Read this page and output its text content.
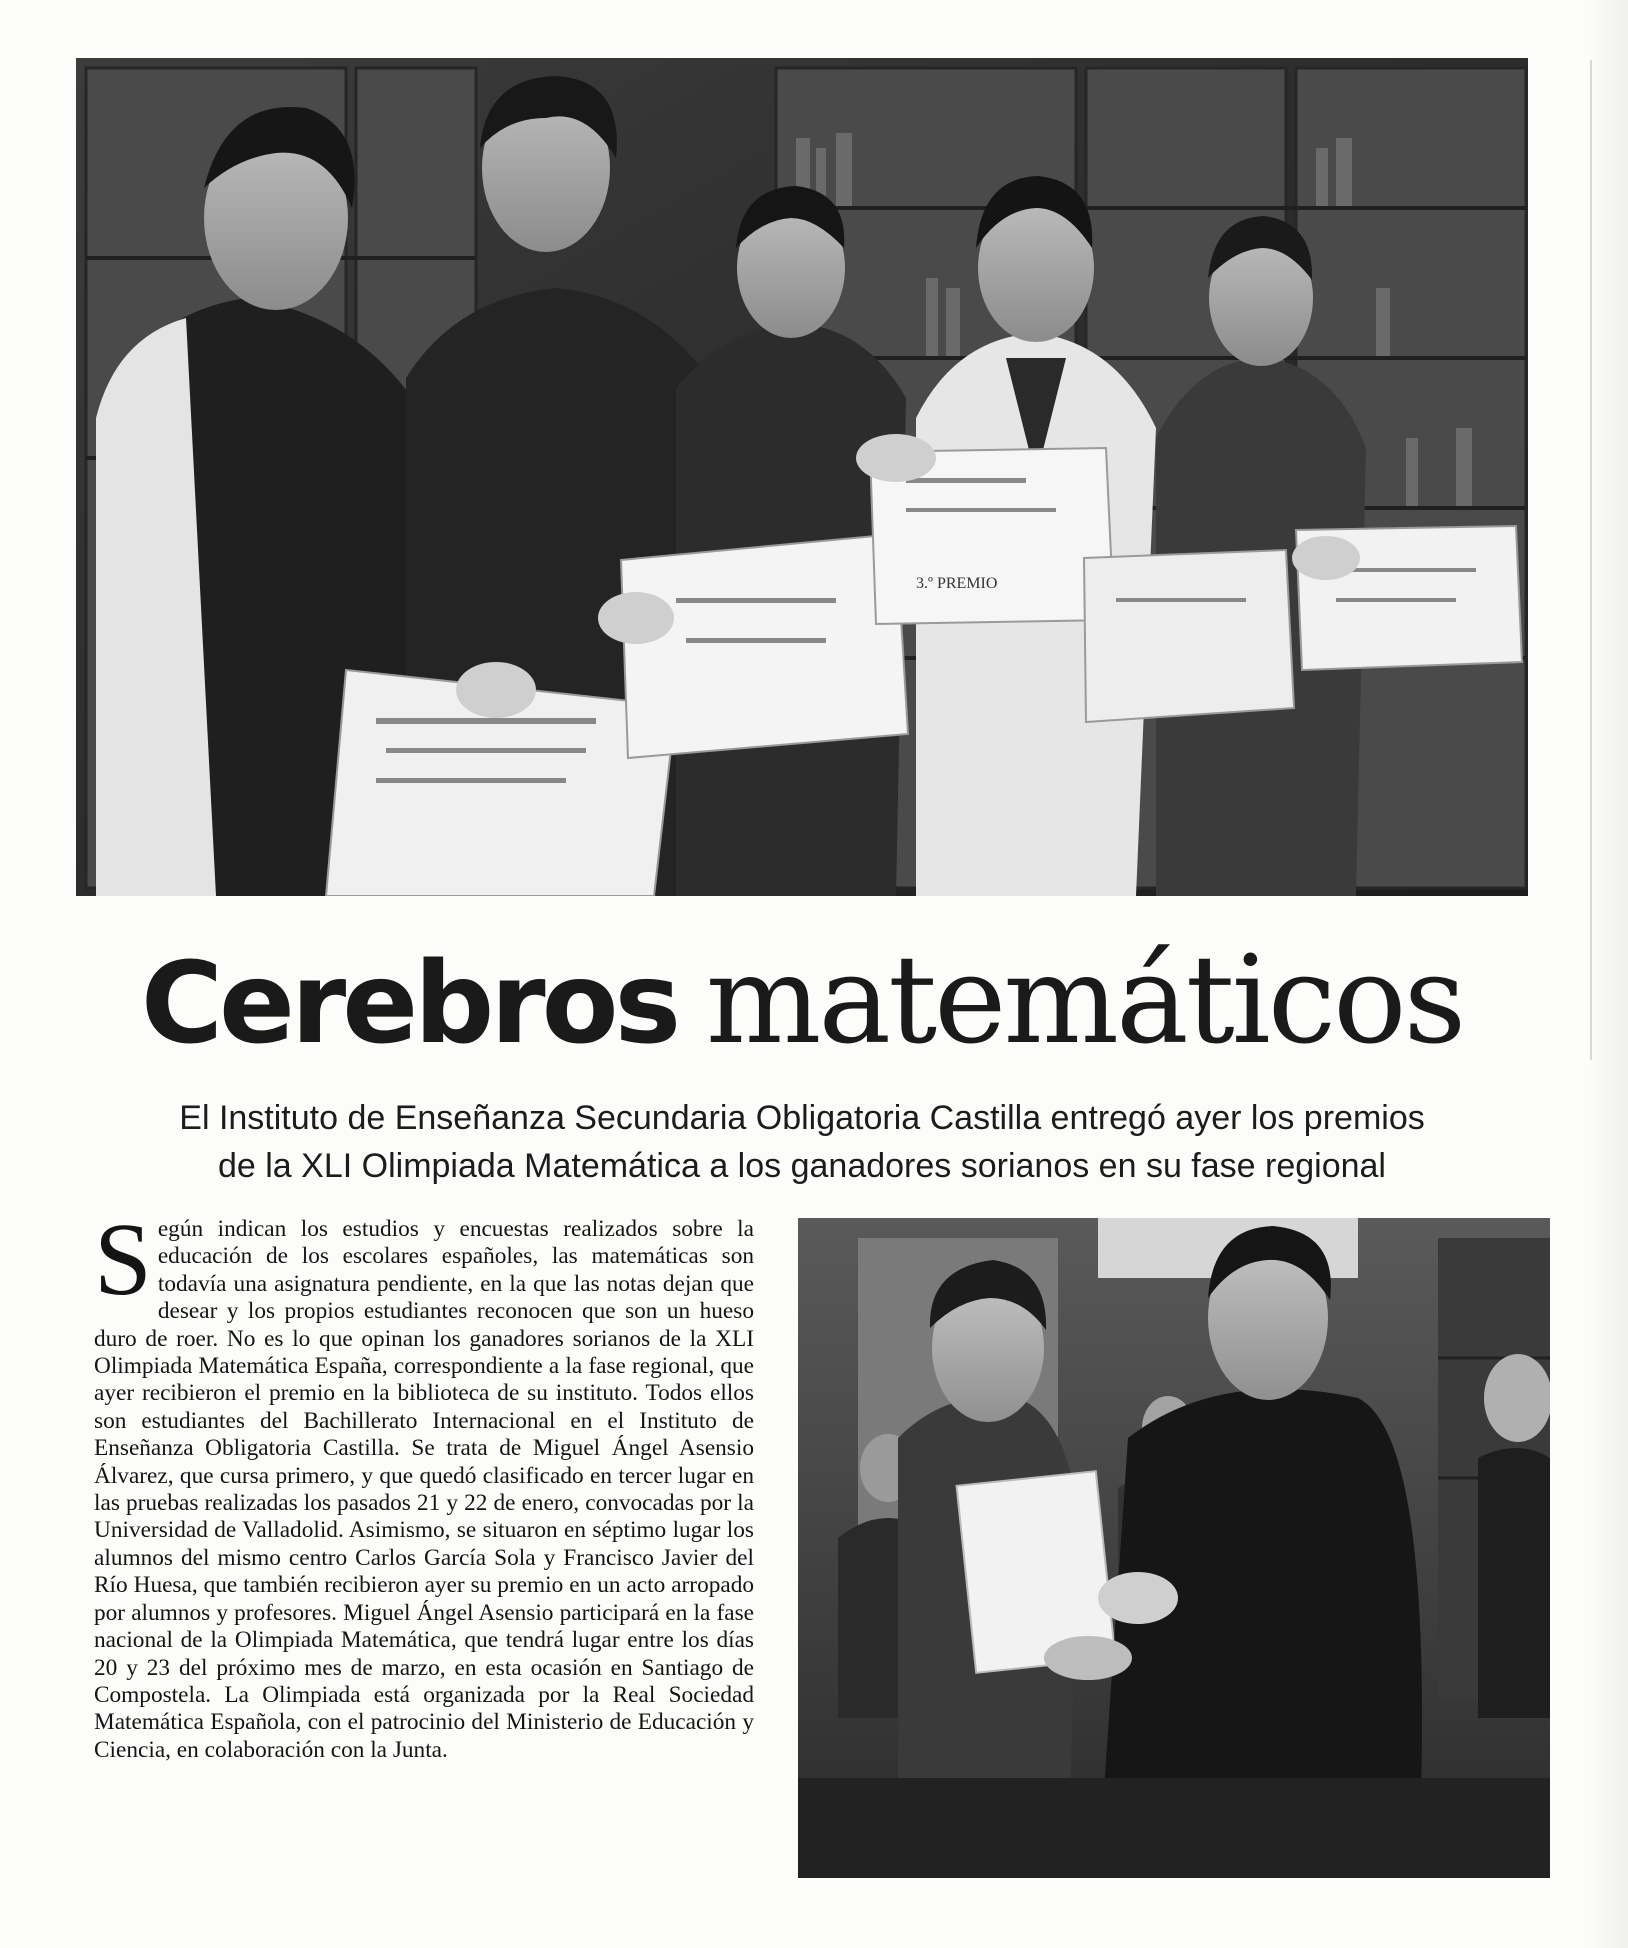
3.º PREMIO
Cerebros matemáticos
El Instituto de Enseñanza Secundaria Obligatoria Castilla entregó ayer los premios
de la XLI Olimpiada Matemática a los ganadores sorianos en su fase regional
S egún indican los estudios y encuestas realizados sobre la educación de los escolares españoles, las matemáticas son todavía una asignatura pendiente, en la que las notas dejan que desear y los propios estudiantes reconocen que son un hueso duro de roer. No es lo que opinan los ganadores sorianos de la XLI Olimpiada Matemática España, correspondiente a la fase regional, que ayer recibieron el premio en la biblioteca de su instituto. Todos ellos son estudiantes del Bachillerato Internacional en el Instituto de Enseñanza Obligatoria Castilla. Se trata de Miguel Ángel Asensio Álvarez, que cursa primero, y que quedó clasificado en tercer lugar en las pruebas realizadas los pasados 21 y 22 de enero, convocadas por la Universidad de Valladolid. Asimismo, se situaron en séptimo lugar los alumnos del mismo centro Carlos García Sola y Francisco Javier del Río Huesa, que también recibieron ayer su premio en un acto arropado por alumnos y profesores. Miguel Ángel Asensio participará en la fase nacional de la Olimpiada Matemática, que tendrá lugar entre los días 20 y 23 del próximo mes de marzo, en esta ocasión en Santiago de Compostela. La Olimpiada está organizada por la Real Sociedad Matemática Española, con el patrocinio del Ministerio de Educación y Ciencia, en colaboración con la Junta.
